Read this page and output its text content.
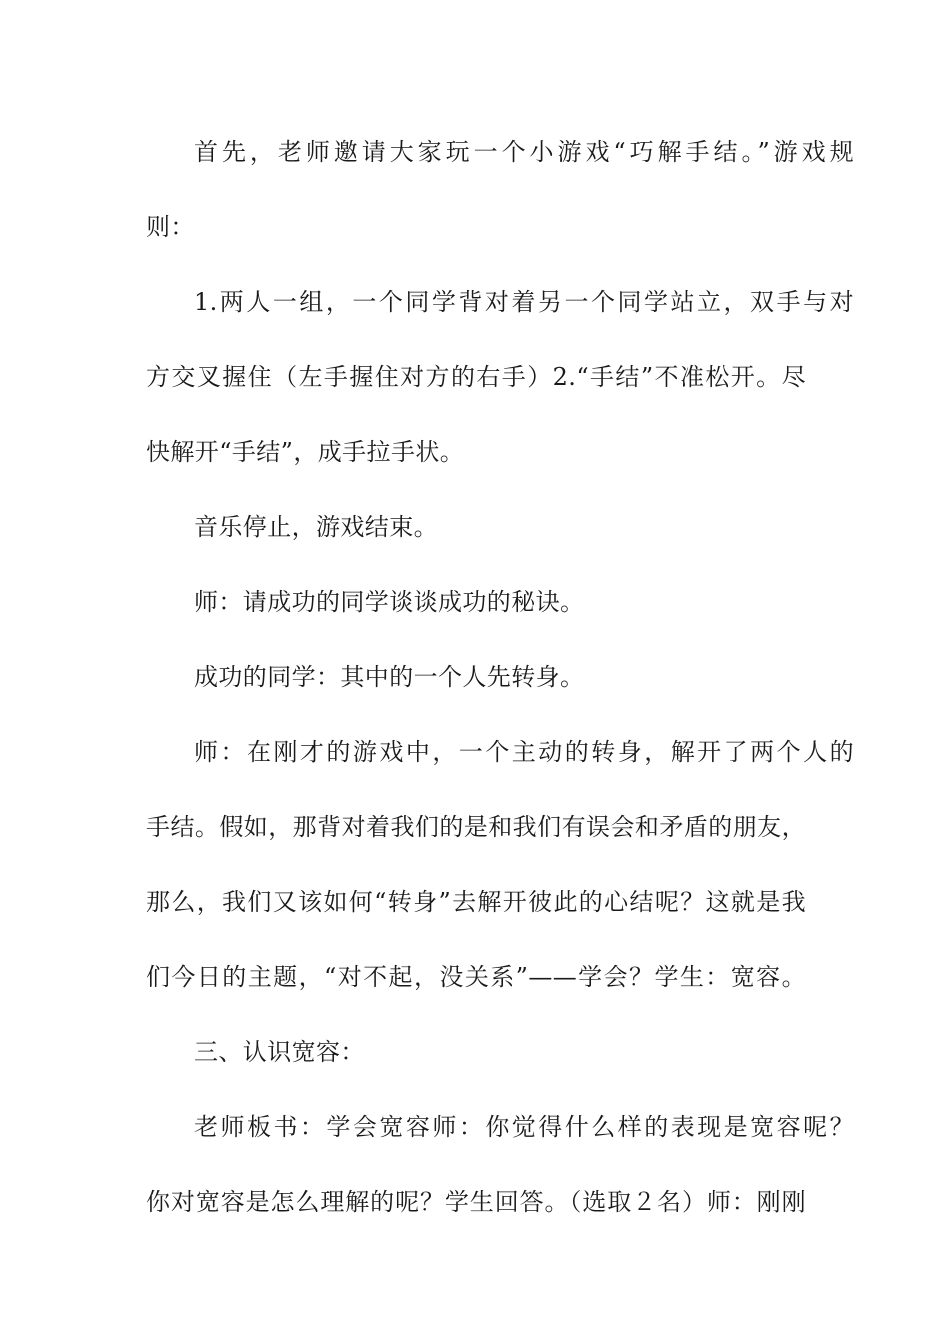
首先，老师邀请大家玩一个小游戏“巧解手结。”游戏规
则：
1.两人一组，一个同学背对着另一个同学站立，双手与对
方交叉握住（左手握住对方的右手）2.“手结”不准松开。尽
快解开“手结”，成手拉手状。
音乐停止，游戏结束。
师：请成功的同学谈谈成功的秘诀。
成功的同学：其中的一个人先转身。
师：在刚才的游戏中，一个主动的转身，解开了两个人的
手结。假如，那背对着我们的是和我们有误会和矛盾的朋友，
那么，我们又该如何“转身”去解开彼此的心结呢？这就是我
们今日的主题，“对不起，没关系”——学会？学生：宽容。
三、认识宽容：
老师板书：学会宽容师：你觉得什么样的表现是宽容呢？
你对宽容是怎么理解的呢？学生回答。（选取２名）师：刚刚
